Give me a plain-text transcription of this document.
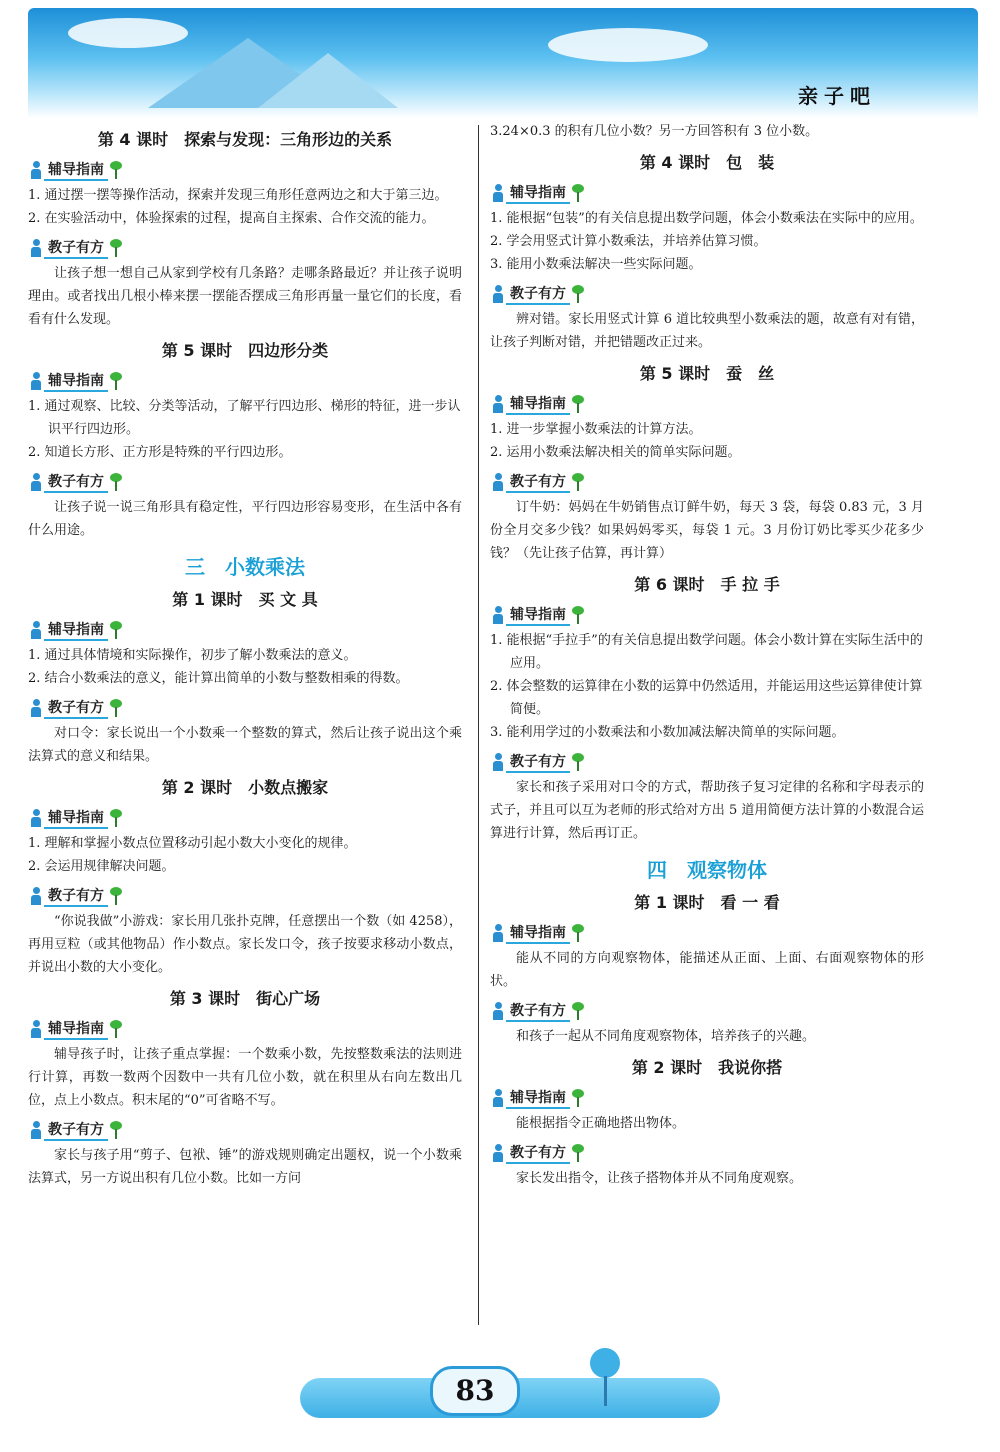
亲子吧
第 4 课时　探索与发现：三角形边的关系
辅导指南

1. 通过摆一摆等操作活动，探索并发现三角形任意两边之和大于第三边。

2. 在实验活动中，体验探索的过程，提高自主探索、合作交流的能力。

教子有方

让孩子想一想自己从家到学校有几条路？走哪条路最近？并让孩子说明理由。或者找出几根小棒来摆一摆能否摆成三角形再量一量它们的长度，看看有什么发现。

第 5 课时　四边形分类
辅导指南

1. 通过观察、比较、分类等活动，了解平行四边形、梯形的特征，进一步认识平行四边形。

2. 知道长方形、正方形是特殊的平行四边形。

教子有方

让孩子说一说三角形具有稳定性，平行四边形容易变形，在生活中各有什么用途。

三　小数乘法
第 1 课时　买 文 具
辅导指南

1. 通过具体情境和实际操作，初步了解小数乘法的意义。

2. 结合小数乘法的意义，能计算出简单的小数与整数相乘的得数。

教子有方

对口令：家长说出一个小数乘一个整数的算式，然后让孩子说出这个乘法算式的意义和结果。

第 2 课时　小数点搬家
辅导指南

1. 理解和掌握小数点位置移动引起小数大小变化的规律。

2. 会运用规律解决问题。

教子有方

“你说我做”小游戏：家长用几张扑克牌，任意摆出一个数（如 4258），再用豆粒（或其他物品）作小数点。家长发口令，孩子按要求移动小数点，并说出小数的大小变化。

第 3 课时　街心广场
辅导指南

辅导孩子时，让孩子重点掌握：一个数乘小数，先按整数乘法的法则进行计算，再数一数两个因数中一共有几位小数，就在积里从右向左数出几位，点上小数点。积末尾的“0”可省略不写。

教子有方

家长与孩子用“剪子、包袱、锤”的游戏规则确定出题权，说一个小数乘法算式，另一方说出积有几位小数。比如一方问

3.24×0.3 的积有几位小数？另一方回答积有 3 位小数。

第 4 课时　包　装
辅导指南

1. 能根据“包装”的有关信息提出数学问题，体会小数乘法在实际中的应用。

2. 学会用竖式计算小数乘法，并培养估算习惯。

3. 能用小数乘法解决一些实际问题。

教子有方

辨对错。家长用竖式计算 6 道比较典型小数乘法的题，故意有对有错，让孩子判断对错，并把错题改正过来。

第 5 课时　蚕　丝
辅导指南

1. 进一步掌握小数乘法的计算方法。

2. 运用小数乘法解决相关的简单实际问题。

教子有方

订牛奶：妈妈在牛奶销售点订鲜牛奶，每天 3 袋，每袋 0.83 元，3 月份全月交多少钱？如果妈妈零买，每袋 1 元。3 月份订奶比零买少花多少钱？（先让孩子估算，再计算）

第 6 课时　手 拉 手
辅导指南

1. 能根据“手拉手”的有关信息提出数学问题。体会小数计算在实际生活中的应用。

2. 体会整数的运算律在小数的运算中仍然适用，并能运用这些运算律使计算简便。

3. 能利用学过的小数乘法和小数加减法解决简单的实际问题。

教子有方

家长和孩子采用对口令的方式，帮助孩子复习定律的名称和字母表示的式子，并且可以互为老师的形式给对方出 5 道用简便方法计算的小数混合运算进行计算，然后再订正。

四　观察物体
第 1 课时　看 一 看
辅导指南

能从不同的方向观察物体，能描述从正面、上面、右面观察物体的形状。

教子有方

和孩子一起从不同角度观察物体，培养孩子的兴趣。

第 2 课时　我说你搭
辅导指南

能根据指令正确地搭出物体。

教子有方

家长发出指令，让孩子搭物体并从不同角度观察。

83
